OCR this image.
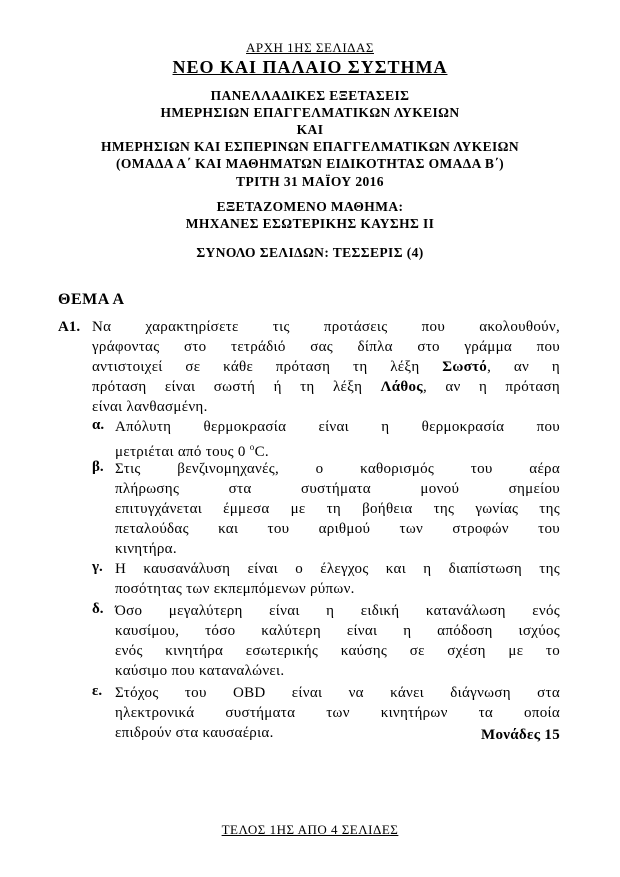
ΑΡΧΗ 1ΗΣ ΣΕΛΙΔΑΣ
ΝΕΟ ΚΑΙ ΠΑΛΑΙΟ ΣΥΣΤΗΜΑ
ΠΑΝΕΛΛΑΔΙΚΕΣ ΕΞΕΤΑΣΕΙΣ
ΗΜΕΡΗΣΙΩΝ ΕΠΑΓΓΕΛΜΑΤΙΚΩΝ ΛΥΚΕΙΩΝ
ΚΑΙ
ΗΜΕΡΗΣΙΩΝ ΚΑΙ ΕΣΠΕΡΙΝΩΝ ΕΠΑΓΓΕΛΜΑΤΙΚΩΝ ΛΥΚΕΙΩΝ
(ΟΜΑΔΑ Α΄ ΚΑΙ ΜΑΘΗΜΑΤΩΝ ΕΙΔΙΚΟΤΗΤΑΣ ΟΜΑΔΑ Β΄)
ΤΡΙΤΗ 31 ΜΑΪΟΥ 2016
ΕΞΕΤΑΖΟΜΕΝΟ ΜΑΘΗΜΑ:
ΜΗΧΑΝΕΣ ΕΣΩΤΕΡΙΚΗΣ ΚΑΥΣΗΣ ΙΙ
ΣΥΝΟΛΟ ΣΕΛΙΔΩΝ: ΤΕΣΣΕΡΙΣ (4)
ΘΕΜΑ Α
Α1. Να χαρακτηρίσετε τις προτάσεις που ακολουθούν,
γράφοντας στο τετράδιό σας δίπλα στο γράμμα που
αντιστοιχεί σε κάθε πρόταση τη λέξη Σωστό, αν η
πρόταση είναι σωστή ή τη λέξη Λάθος, αν η πρόταση
είναι λανθασμένη.
α. Απόλυτη θερμοκρασία είναι η θερμοκρασία που
μετριέται από τους 0 $^o$C.
β. Στις βενζινομηχανές, ο καθορισμός του αέρα
πλήρωσης στα συστήματα μονού σημείου
επιτυγχάνεται έμμεσα με τη βοήθεια της γωνίας της
πεταλούδας και του αριθμού των στροφών του
κινητήρα.
γ. Η καυσανάλυση είναι ο έλεγχος και η διαπίστωση της
ποσότητας των εκπεμπόμενων ρύπων.
δ. Όσο μεγαλύτερη είναι η ειδική κατανάλωση ενός
καυσίμου, τόσο καλύτερη είναι η απόδοση ισχύος
ενός κινητήρα εσωτερικής καύσης σε σχέση με το
καύσιμο που καταναλώνει.
ε. Στόχος του OBD είναι να κάνει διάγνωση στα
ηλεκτρονικά συστήματα των κινητήρων τα οποία
επιδρούν στα καυσαέρια.	Μονάδες 15
ΤΕΛΟΣ 1ΗΣ ΑΠΟ 4 ΣΕΛΙΔΕΣ
